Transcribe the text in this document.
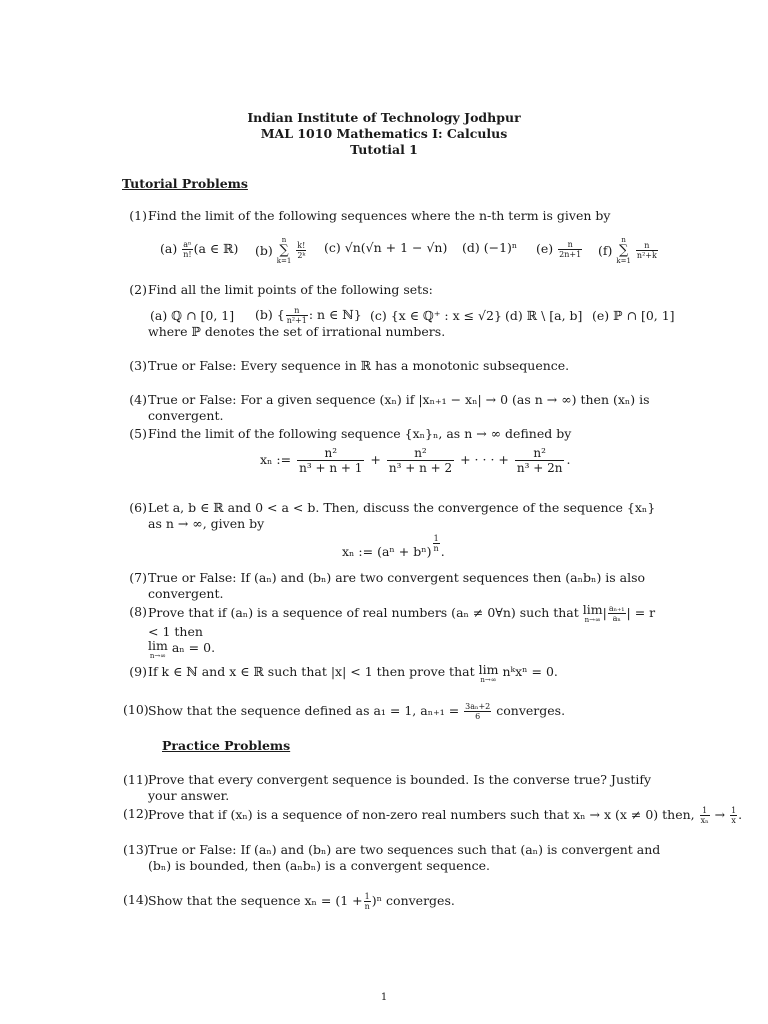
Indian Institute of Technology Jodhpur
MAL 1010 Mathematics I: Calculus
Tutotial 1
Tutorial Problems
(1) Find the limit of the following sequences where the n-th term is given by
$(a) \frac{\text{aⁿ}}{n!} (a$ ∈ ℝ) (b) n
∑
k=1
$\frac{k!}{\text{2ᵏ}} (c) √n(√n + 1 - √n)$ (d) (−1)ⁿ $(e) \frac{n}{2n+1} (f)$ n
∑
k=1
$\frac{n}{\text{n²+k}}$
(2) Find all the limit points of the following sets:
(a) ℚ ∩ [0, 1] (b) { $\frac{n}{\text{n²+1}}$ : n ∈ ℕ} (c) {x ∈ ℚ⁺ : x ≤ √2} (d) ℝ \ [a, b] (e) ℙ ∩ [0, 1]
where ℙ denotes the set of irrational numbers.
(3) True or False: Every sequence in ℝ has a monotonic subsequence.
(4) True or False: For a given sequence (xₙ) if |xₙ₊₁ − xₙ| → 0 (as n → ∞) then (xₙ) is convergent.
(5) Find the limit of the following sequence {xₙ}ₙ, as n → ∞ defined by
xₙ := $\frac{\text{n²}}{\text{n³ + n + 1}} + \frac{\text{n²}}{\text{n³ + n + 2}}$ + · · · + $\frac{\text{n²}}{\text{n³ + 2n}}$ .
(6) Let a, b ∈ ℝ and 0 < a < b. Then, discuss the convergence of the sequence {xₙ} as n → ∞, given by
xₙ := $(a^n + b^n) \frac{1}{n}$ .
(7) True or False: If (aₙ) and (bₙ) are two convergent sequences then (aₙbₙ) is also convergent.
(8) Prove that if (aₙ) is a sequence of real numbers (aₙ ≠ 0∀n) such that lim
n→∞ | $\frac{\text{aₙ₊₁}}{\text{aₙ}}$ | = r < 1 then
lim
n→∞
aₙ = 0.
(9) If k ∈ ℕ and x ∈ ℝ such that |x| < 1 then prove that lim
n→∞
nᵏxⁿ = 0.
(10) Show that the sequence defined as a₁ = 1, $a_{n+1} = \frac{\text{3aₙ+2}}{6}$ converges.
Practice Problems
(11) Prove that every convergent sequence is bounded. Is the converse true? Justify your answer.
(12) Prove that if (xₙ) is a sequence of non-zero real numbers such that xₙ → x (x ≠ 0) then, $\frac{1}{\text{xₙ}} \to \frac{1}{x}$ .
(13) True or False: If (aₙ) and (bₙ) are two sequences such that (aₙ) is convergent and (bₙ) is bounded, then (aₙbₙ) is a convergent sequence.
(14) Show that the sequence $x_n = (1 + \frac{1}{n} )^n$ converges.
1
